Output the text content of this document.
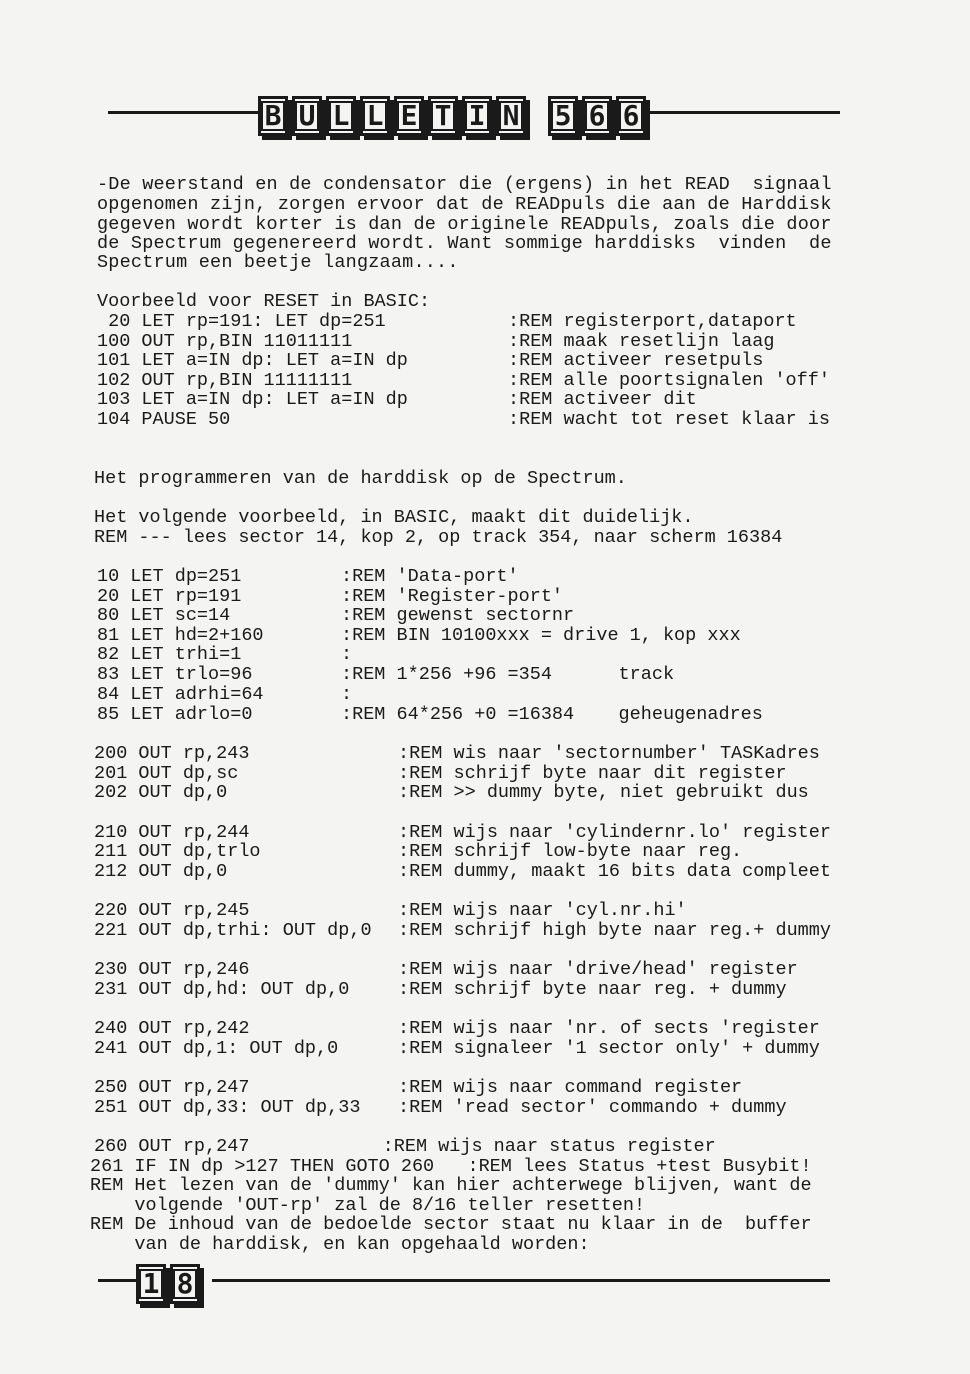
B U L L E T I N 5 6 6
-De weerstand en de condensator die (ergens) in het READ  signaal
opgenomen zijn, zorgen ervoor dat de READpuls die aan de Harddisk
gegeven wordt korter is dan de originele READpuls, zoals die door
de Spectrum gegenereerd wordt. Want sommige harddisks  vinden  de
Spectrum een beetje langzaam....
Voorbeeld voor RESET in BASIC:
20 LET rp=191: LET dp=251	:REM registerport,dataport
100 OUT rp,BIN 11011111	:REM maak resetlijn laag
101 LET a=IN dp: LET a=IN dp	:REM activeer resetpuls
102 OUT rp,BIN 11111111	:REM alle poortsignalen 'off'
103 LET a=IN dp: LET a=IN dp	:REM activeer dit
104 PAUSE 50	:REM wacht tot reset klaar is
Het programmeren van de harddisk op de Spectrum.
Het volgende voorbeeld, in BASIC, maakt dit duidelijk.
REM --- lees sector 14, kop 2, op track 354, naar scherm 16384
10 LET dp=251	:REM 'Data-port'
20 LET rp=191	:REM 'Register-port'
80 LET sc=14	:REM gewenst sectornr
81 LET hd=2+160	:REM BIN 10100xxx = drive 1, kop xxx
82 LET trhi=1	:
83 LET trlo=96	:REM 1*256 +96 =354      track
84 LET adrhi=64	:
85 LET adrlo=0	:REM 64*256 +0 =16384    geheugenadres
200 OUT rp,243	:REM wis naar 'sectornumber' TASKadres
201 OUT dp,sc	:REM schrijf byte naar dit register
202 OUT dp,0	:REM >> dummy byte, niet gebruikt dus
210 OUT rp,244	:REM wijs naar 'cylindernr.lo' register
211 OUT dp,trlo	:REM schrijf low-byte naar reg.
212 OUT dp,0	:REM dummy, maakt 16 bits data compleet
220 OUT rp,245	:REM wijs naar 'cyl.nr.hi'
221 OUT dp,trhi: OUT dp,0 :REM schrijf high byte naar reg.+ dummy
230 OUT rp,246	:REM wijs naar 'drive/head' register
231 OUT dp,hd: OUT dp,0	:REM schrijf byte naar reg. + dummy
240 OUT rp,242	:REM wijs naar 'nr. of sects 'register
241 OUT dp,1: OUT dp,0	:REM signaleer '1 sector only' + dummy
250 OUT rp,247	:REM wijs naar command register
251 OUT dp,33: OUT dp,33 :REM 'read sector' commando + dummy
260 OUT rp,247            :REM wijs naar status register
261 IF IN dp >127 THEN GOTO 260   :REM lees Status +test Busybit!
REM Het lezen van de 'dummy' kan hier achterwege blijven, want de
volgende 'OUT-rp' zal de 8/16 teller resetten!
REM De inhoud van de bedoelde sector staat nu klaar in de  buffer
van de harddisk, en kan opgehaald worden:
1 8
